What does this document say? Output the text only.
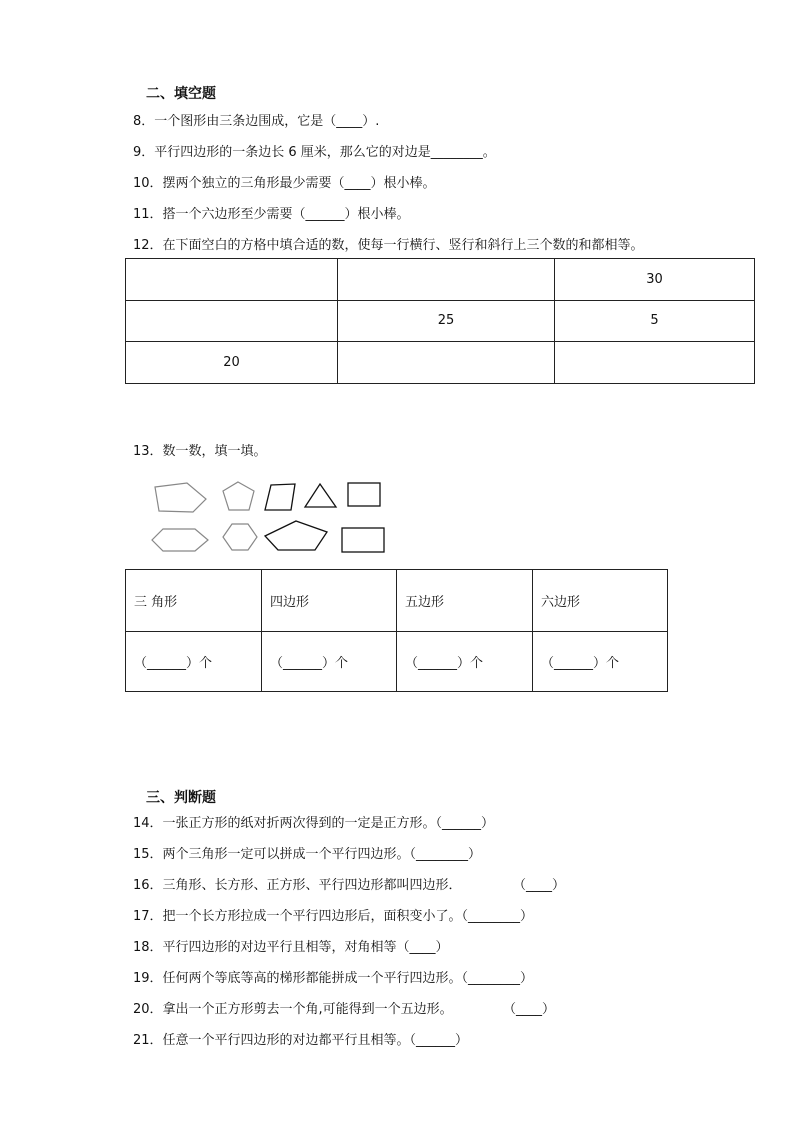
二、填空题
8．一个图形由三条边围成，它是（____）.
9．平行四边形的一条边长 6 厘米，那么它的对边是________。
10．摆两个独立的三角形最少需要（____）根小棒。
11．搭一个六边形至少需要（______）根小棒。
12．在下面空白的方格中填合适的数，使每一行横行、竖行和斜行上三个数的和都相等。
		30
	25	5
20		
13．数一数，填一填。
三 角形	四边形	五边形	六边形
（______）个	（______）个	（______）个	（______）个
三、判断题
14．一张正方形的纸对折两次得到的一定是正方形。（______）
15．两个三角形一定可以拼成一个平行四边形。（________）
16．三角形、长方形、正方形、平行四边形都叫四边形．	（____）
17．把一个长方形拉成一个平行四边形后，面积变小了。（________）
18．平行四边形的对边平行且相等，对角相等（____）
19．任何两个等底等高的梯形都能拼成一个平行四边形。（________）
20．拿出一个正方形剪去一个角,可能得到一个五边形。	（____）
21．任意一个平行四边形的对边都平行且相等。（______）
